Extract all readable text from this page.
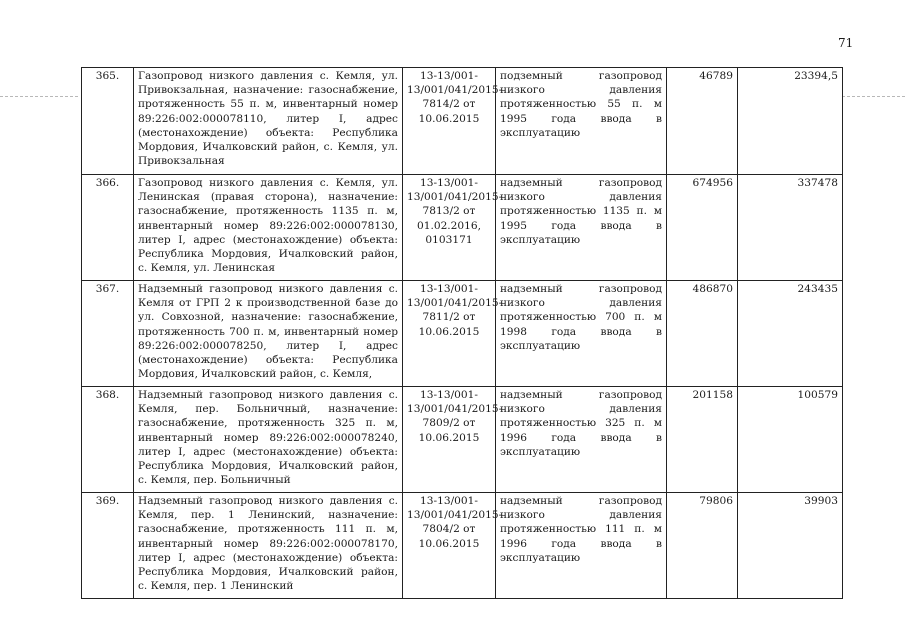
71
365.	Газопровод низкого давления с. Кемля, ул. Привокзальная, назначение: газоснабжение, протяженность 55 п. м, инвентарный номер 89:226:002:000078110, литер I, адрес (местонахождение) объекта: Республика Мордовия, Ичалковский район, с. Кемля, ул. Привокзальная	13-13/001-13/001/041/2015-7814/2 от 10.06.2015	подземный газопровод низкого давления протяженностью 55 п. м 1995 года ввода в эксплуатацию	46789	23394,5
366.	Газопровод низкого давления с. Кемля, ул. Ленинская (правая сторона), назначение: газоснабжение, протяженность 1135 п. м, инвентарный номер 89:226:002:000078130, литер I, адрес (местонахождение) объекта: Республика Мордовия, Ичалковский район, с. Кемля, ул. Ленинская	13-13/001-13/001/041/2015-7813/2 от 01.02.2016, 0103171	надземный газопровод низкого давления протяженностью 1135 п. м 1995 года ввода в эксплуатацию	674956	337478
367.	Надземный газопровод низкого давления с. Кемля от ГРП 2 к производственной базе до ул. Совхозной, назначение: газоснабжение, протяженность 700 п. м, инвентарный номер 89:226:002:000078250, литер I, адрес (местонахождение) объекта: Республика Мордовия, Ичалковский район, с. Кемля,	13-13/001-13/001/041/2015-7811/2 от 10.06.2015	надземный газопровод низкого давления протяженностью 700 п. м 1998 года ввода в эксплуатацию	486870	243435
368.	Надземный газопровод низкого давления с. Кемля, пер. Больничный, назначение: газоснабжение, протяженность 325 п. м, инвентарный номер 89:226:002:000078240, литер I, адрес (местонахождение) объекта: Республика Мордовия, Ичалковский район, с. Кемля, пер. Больничный	13-13/001-13/001/041/2015-7809/2 от 10.06.2015	надземный газопровод низкого давления протяженностью 325 п. м 1996 года ввода в эксплуатацию	201158	100579
369.	Надземный газопровод низкого давления с. Кемля, пер. 1 Ленинский, назначение: газоснабжение, протяженность 111 п. м, инвентарный номер 89:226:002:000078170, литер I, адрес (местонахождение) объекта: Республика Мордовия, Ичалковский район, с. Кемля, пер. 1 Ленинский	13-13/001-13/001/041/2015-7804/2 от 10.06.2015	надземный газопровод низкого давления протяженностью 111 п. м 1996 года ввода в эксплуатацию	79806	39903
